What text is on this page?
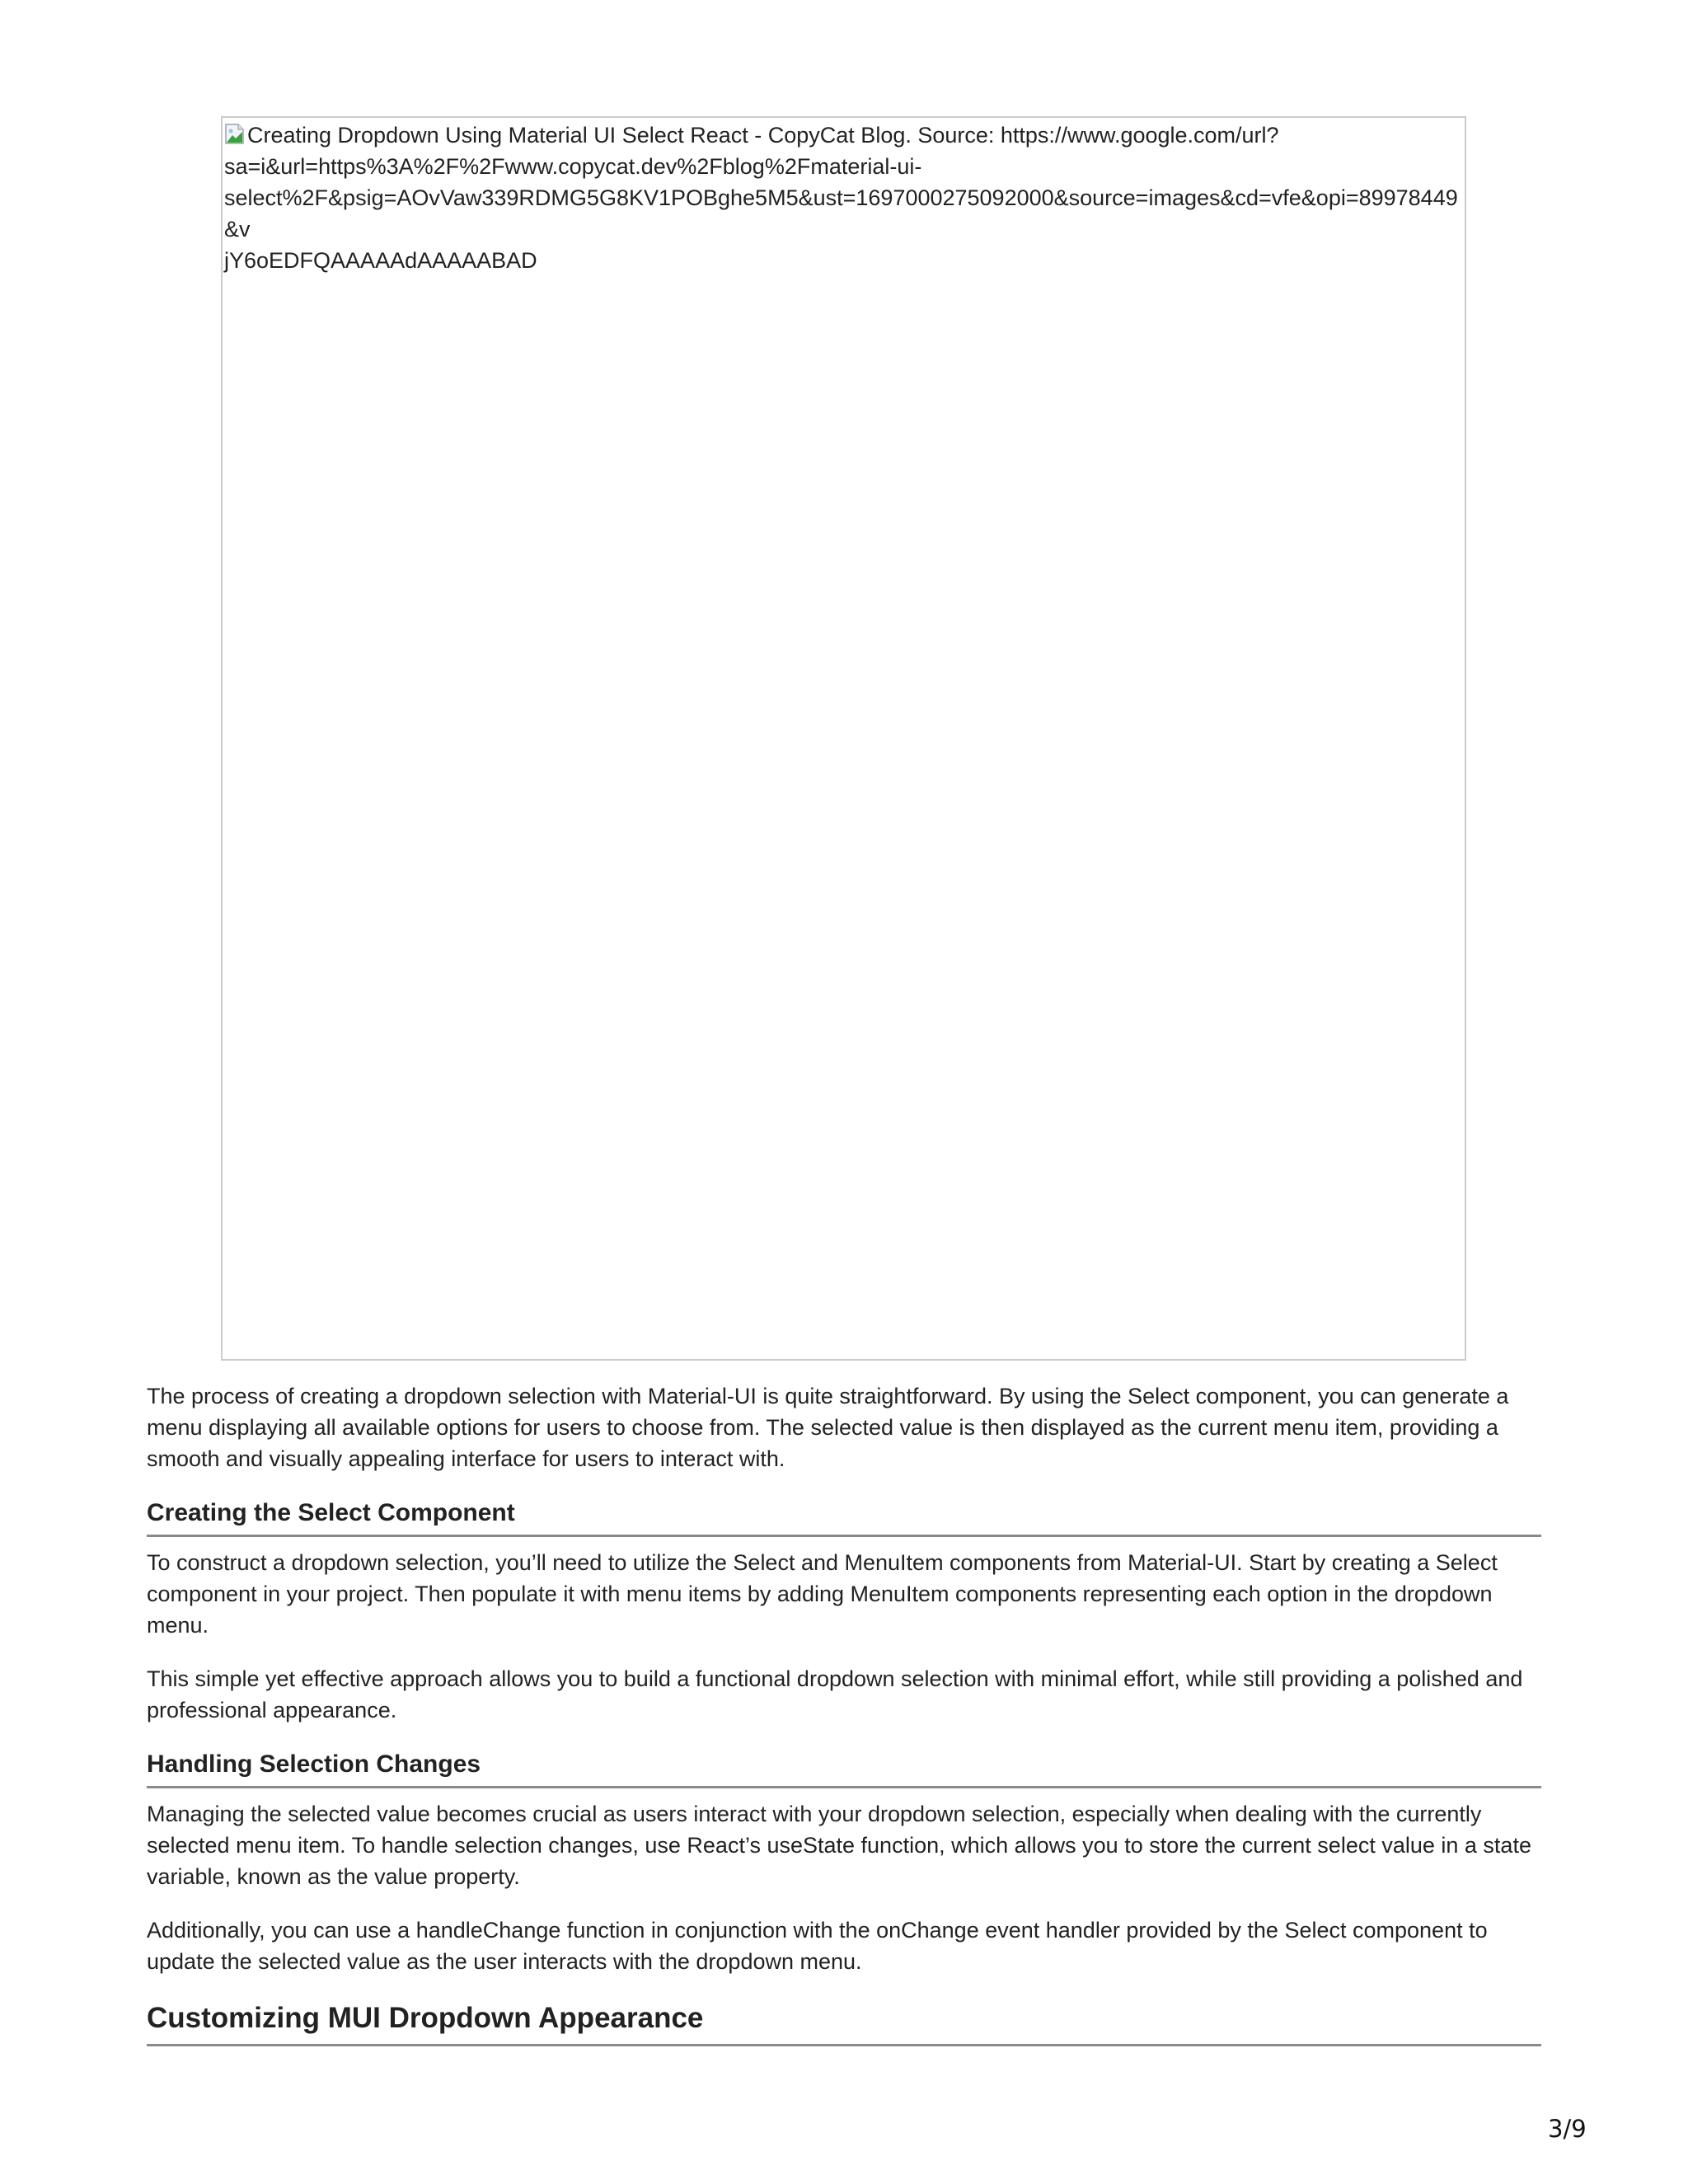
Creating Dropdown Using Material UI Select React - CopyCat Blog. Source: https://www.google.com/url?
sa=i&url=https%3A%2F%2Fwww.copycat.dev%2Fblog%2Fmaterial-ui-
select%2F&psig=AOvVaw339RDMG5G8KV1POBghe5M5&ust=1697000275092000&source=images&cd=vfe&opi=89978449&v
jY6oEDFQAAAAAdAAAAABAD

The process of creating a dropdown selection with Material-UI is quite straightforward. By using the Select component, you can generate a menu displaying all available options for users to choose from. The selected value is then displayed as the current menu item, providing a smooth and visually appealing interface for users to interact with.

Creating the Select Component

To construct a dropdown selection, you’ll need to utilize the Select and MenuItem components from Material-UI. Start by creating a Select component in your project. Then populate it with menu items by adding MenuItem components representing each option in the dropdown menu.

This simple yet effective approach allows you to build a functional dropdown selection with minimal effort, while still providing a polished and professional appearance.

Handling Selection Changes

Managing the selected value becomes crucial as users interact with your dropdown selection, especially when dealing with the currently selected menu item. To handle selection changes, use React’s useState function, which allows you to store the current select value in a state variable, known as the value property.

Additionally, you can use a handleChange function in conjunction with the onChange event handler provided by the Select component to update the selected value as the user interacts with the dropdown menu.

Customizing MUI Dropdown Appearance
3/9
